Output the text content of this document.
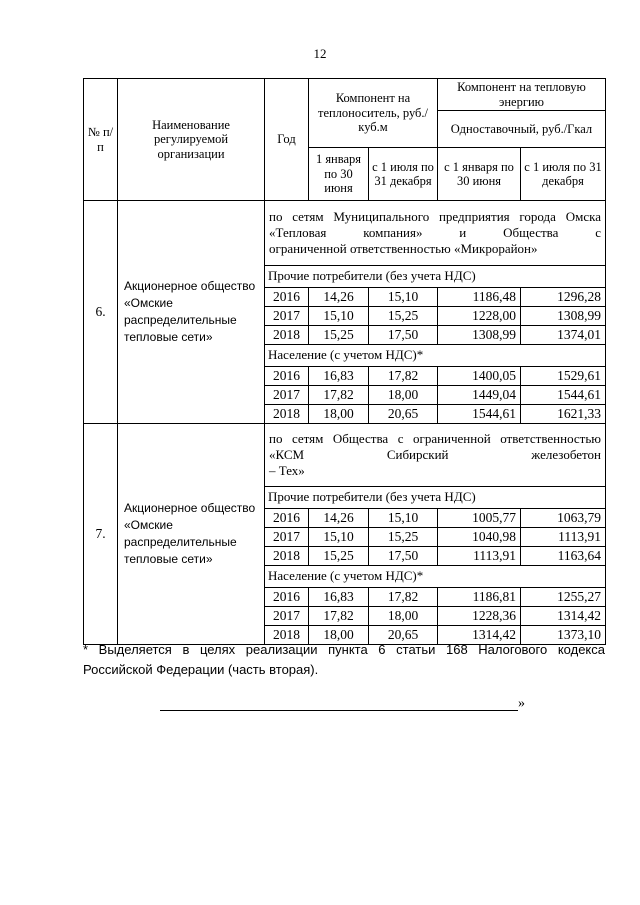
12
№ п/п	Наименование регулируемой организации	Год	Компонент на теплоноситель, руб./куб.м		Компонент на тепловую энергию	
					Одноставочный, руб./Гкал	
			1 января по 30 июня	с 1 июля по 31 декабря	с 1 января по 30 июня	с 1 июля по 31 декабря
6.	Акционерное общество «Омские распределительные тепловые сети»	по сетям Муниципального предприятия города Омска «Тепловая компания» и Общества с
ограниченной ответственностью «Микрорайон»				

		Прочие потребители (без учета НДС)				
		2016	14,26	15,10	1186,48	1296,28
		2017	15,10	15,25	1228,00	1308,99
		2018	15,25	17,50	1308,99	1374,01
		Население (с учетом НДС)*				
		2016	16,83	17,82	1400,05	1529,61
		2017	17,82	18,00	1449,04	1544,61
		2018	18,00	20,65	1544,61	1621,33
7.	Акционерное общество «Омские распределительные тепловые сети»	по сетям Общества с ограниченной ответственностью «КСМ Сибирский железобетон
– Тех»				

		Прочие потребители (без учета НДС)				
		2016	14,26	15,10	1005,77	1063,79
		2017	15,10	15,25	1040,98	1113,91
		2018	15,25	17,50	1113,91	1163,64
		Население (с учетом НДС)*				
		2016	16,83	17,82	1186,81	1255,27
		2017	17,82	18,00	1228,36	1314,42
		2018	18,00	20,65	1314,42	1373,10
* Выделяется в целях реализации пункта 6 статьи 168 Налогового кодекса Российской Федерации (часть вторая).
»
